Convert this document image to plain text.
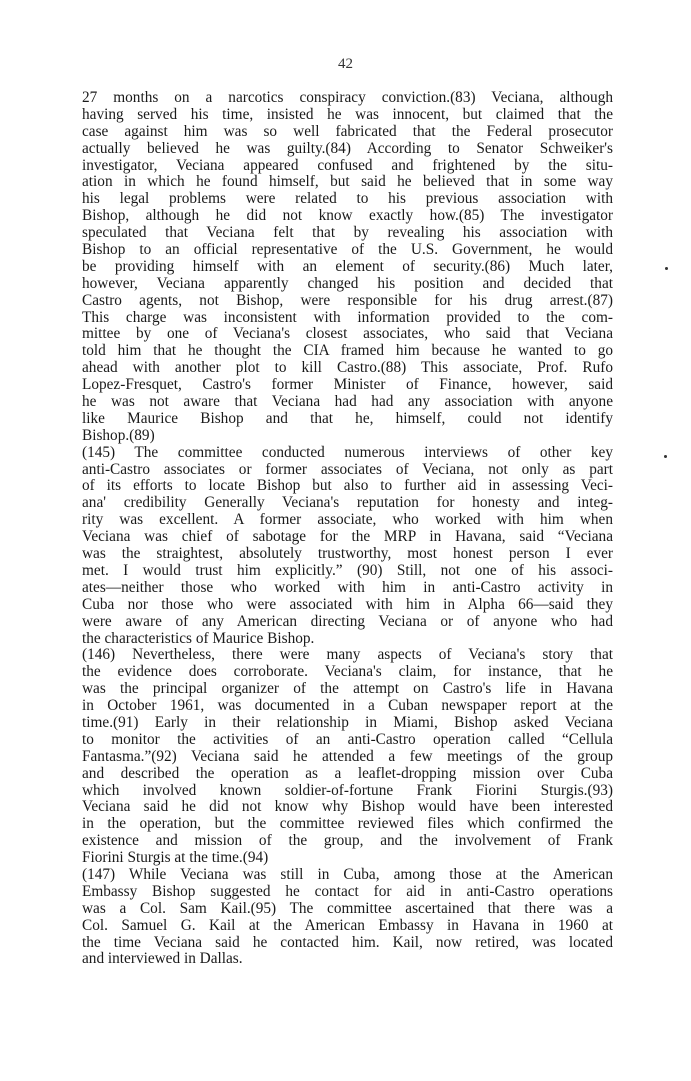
42
27 months on a narcotics conspiracy conviction.(83) Veciana, although
having served his time, insisted he was innocent, but claimed that the
case against him was so well fabricated that the Federal prosecutor
actually believed he was guilty.(84) According to Senator Schweiker's
investigator, Veciana appeared confused and frightened by the situ-
ation in which he found himself, but said he believed that in some way
his legal problems were related to his previous association with
Bishop, although he did not know exactly how.(85) The investigator
speculated that Veciana felt that by revealing his association with
Bishop to an official representative of the U.S. Government, he would
be providing himself with an element of security.(86) Much later,
however, Veciana apparently changed his position and decided that
Castro agents, not Bishop, were responsible for his drug arrest.(87)
This charge was inconsistent with information provided to the com-
mittee by one of Veciana's closest associates, who said that Veciana
told him that he thought the CIA framed him because he wanted to go
ahead with another plot to kill Castro.(88) This associate, Prof. Rufo
Lopez-Fresquet, Castro's former Minister of Finance, however, said
he was not aware that Veciana had had any association with anyone
like Maurice Bishop and that he, himself, could not identify
Bishop.(89)
(145) The committee conducted numerous interviews of other key
anti-Castro associates or former associates of Veciana, not only as part
of its efforts to locate Bishop but also to further aid in assessing Veci-
ana' credibility Generally Veciana's reputation for honesty and integ-
rity was excellent. A former associate, who worked with him when
Veciana was chief of sabotage for the MRP in Havana, said “Veciana
was the straightest, absolutely trustworthy, most honest person I ever
met. I would trust him explicitly.” (90) Still, not one of his associ-
ates—neither those who worked with him in anti-Castro activity in
Cuba nor those who were associated with him in Alpha 66—said they
were aware of any American directing Veciana or of anyone who had
the characteristics of Maurice Bishop.
(146) Nevertheless, there were many aspects of Veciana's story that
the evidence does corroborate. Veciana's claim, for instance, that he
was the principal organizer of the attempt on Castro's life in Havana
in October 1961, was documented in a Cuban newspaper report at the
time.(91) Early in their relationship in Miami, Bishop asked Veciana
to monitor the activities of an anti-Castro operation called “Cellula
Fantasma.”(92) Veciana said he attended a few meetings of the group
and described the operation as a leaflet-dropping mission over Cuba
which involved known soldier-of-fortune Frank Fiorini Sturgis.(93)
Veciana said he did not know why Bishop would have been interested
in the operation, but the committee reviewed files which confirmed the
existence and mission of the group, and the involvement of Frank
Fiorini Sturgis at the time.(94)
(147) While Veciana was still in Cuba, among those at the American
Embassy Bishop suggested he contact for aid in anti-Castro operations
was a Col. Sam Kail.(95) The committee ascertained that there was a
Col. Samuel G. Kail at the American Embassy in Havana in 1960 at
the time Veciana said he contacted him. Kail, now retired, was located
and interviewed in Dallas.
